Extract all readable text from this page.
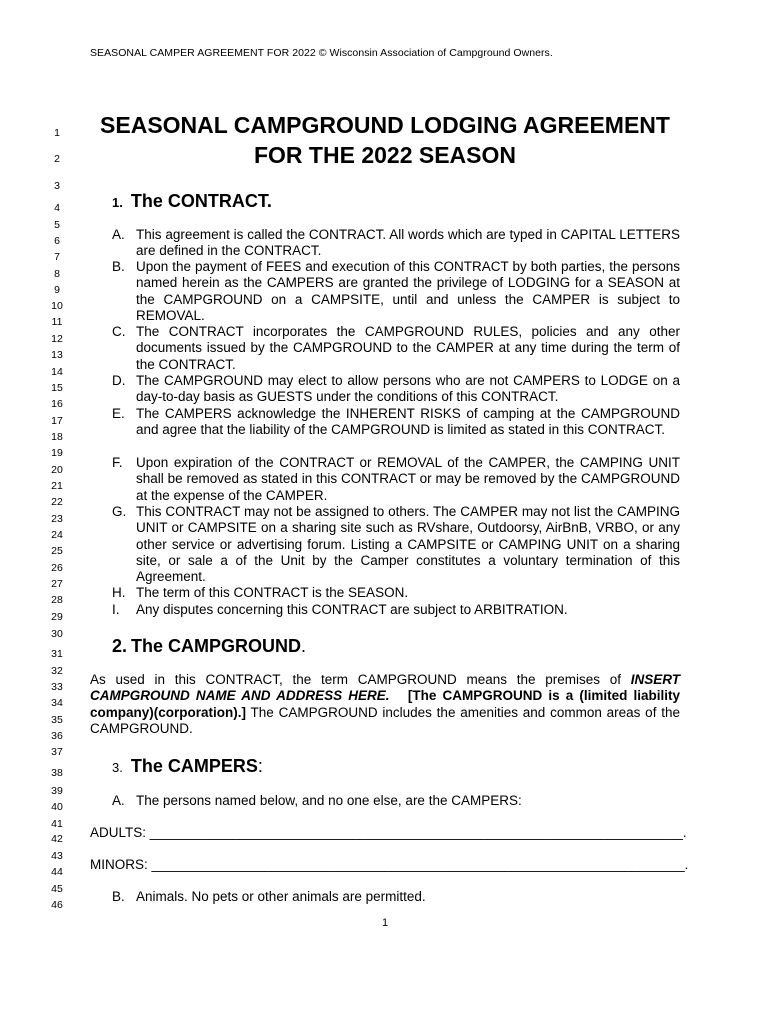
SEASONAL CAMPER AGREEMENT FOR 2022 © Wisconsin Association of Campground Owners.
1
2
3
4
5
6
7
8
9
10
11
12
13
14
15
16
17
18
19
20
21
22
23
24
25
26
27
28
29
30
31
32
33
34
35
36
37
38
39
40
41
42
43
44
45
46
SEASONAL CAMPGROUND LODGING AGREEMENT
FOR THE 2022 SEASON
1. The CONTRACT.
A. This agreement is called the CONTRACT. All words which are typed in CAPITAL LETTERS are defined in the CONTRACT.
B. Upon the payment of FEES and execution of this CONTRACT by both parties, the persons named herein as the CAMPERS are granted the privilege of LODGING for a SEASON at the CAMPGROUND on a CAMPSITE, until and unless the CAMPER is subject to REMOVAL.
C. The CONTRACT incorporates the CAMPGROUND RULES, policies and any other documents issued by the CAMPGROUND to the CAMPER at any time during the term of the CONTRACT.
D. The CAMPGROUND may elect to allow persons who are not CAMPERS to LODGE on a day-to-day basis as GUESTS under the conditions of this CONTRACT.
E. The CAMPERS acknowledge the INHERENT RISKS of camping at the CAMPGROUND and agree that the liability of the CAMPGROUND is limited as stated in this CONTRACT.
F. Upon expiration of the CONTRACT or REMOVAL of the CAMPER, the CAMPING UNIT shall be removed as stated in this CONTRACT or may be removed by the CAMPGROUND at the expense of the CAMPER.
G. This CONTRACT may not be assigned to others. The CAMPER may not list the CAMPING UNIT or CAMPSITE on a sharing site such as RVshare, Outdoorsy, AirBnB, VRBO, or any other service or advertising forum. Listing a CAMPSITE or CAMPING UNIT on a sharing site, or sale a of the Unit by the Camper constitutes a voluntary termination of this Agreement.
H. The term of this CONTRACT is the SEASON.
I. Any disputes concerning this CONTRACT are subject to ARBITRATION.
2. The CAMPGROUND.
As used in this CONTRACT, the term CAMPGROUND means the premises of INSERT CAMPGROUND NAME AND ADDRESS HERE. [The CAMPGROUND is a (limited liability company)(corporation).] The CAMPGROUND includes the amenities and common areas of the CAMPGROUND.
3. The CAMPERS:
A. The persons named below, and no one else, are the CAMPERS:
ADULTS: _______________________________________________________________________.
MINORS: _______________________________________________________________________.
B. Animals. No pets or other animals are permitted.
1
